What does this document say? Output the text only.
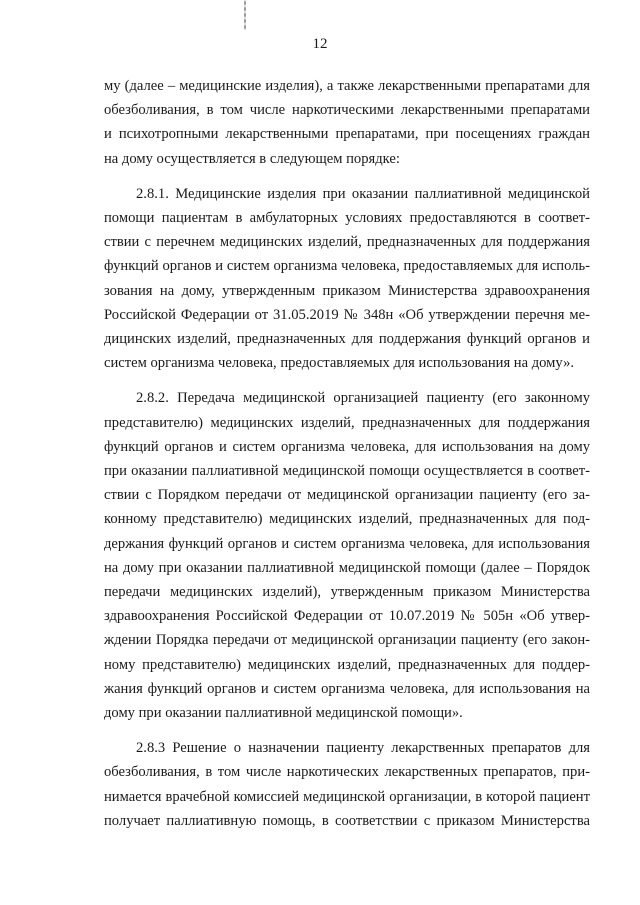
12
му (далее – медицинские изделия), а также лекарственными препаратами для
обезболивания, в том числе наркотическими лекарственными препаратами
и психотропными лекарственными препаратами, при посещениях граждан
на дому осуществляется в следующем порядке:
2.8.1. Медицинские изделия при оказании паллиативной медицинской
помощи пациентам в амбулаторных условиях предоставляются в соответ-
ствии с перечнем медицинских изделий, предназначенных для поддержания
функций органов и систем организма человека, предоставляемых для исполь-
зования на дому, утвержденным приказом Министерства здравоохранения
Российской Федерации от 31.05.2019 № 348н «Об утверждении перечня ме-
дицинских изделий, предназначенных для поддержания функций органов и
систем организма человека, предоставляемых для использования на дому».
2.8.2. Передача медицинской организацией пациенту (его законному
представителю) медицинских изделий, предназначенных для поддержания
функций органов и систем организма человека, для использования на дому
при оказании паллиативной медицинской помощи осуществляется в соответ-
ствии с Порядком передачи от медицинской организации пациенту (его за-
конному представителю) медицинских изделий, предназначенных для под-
держания функций органов и систем организма человека, для использования
на дому при оказании паллиативной медицинской помощи (далее – Порядок
передачи медицинских изделий), утвержденным приказом Министерства
здравоохранения Российской Федерации от 10.07.2019 № 505н «Об утвер-
ждении Порядка передачи от медицинской организации пациенту (его закон-
ному представителю) медицинских изделий, предназначенных для поддер-
жания функций органов и систем организма человека, для использования на
дому при оказании паллиативной медицинской помощи».
2.8.3 Решение о назначении пациенту лекарственных препаратов для
обезболивания, в том числе наркотических лекарственных препаратов, при-
нимается врачебной комиссией медицинской организации, в которой пациент
получает паллиативную помощь, в соответствии с приказом Министерства
